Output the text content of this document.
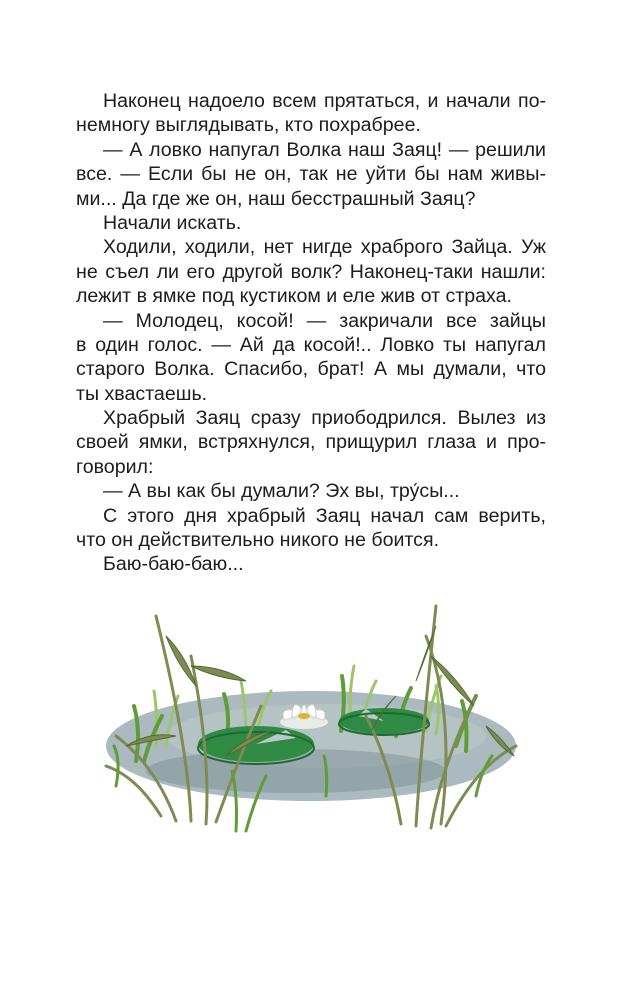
Наконец надоело всем прятаться, и начали по-
немногу выглядывать, кто похрабрее.
— А ловко напугал Волка наш Заяц! — решили
все. — Если бы не он, так не уйти бы нам живы-
ми... Да где же он, наш бесстрашный Заяц?
Начали искать.
Ходили, ходили, нет нигде храброго Зайца. Уж
не съел ли его другой волк? Наконец-таки нашли:
лежит в ямке под кустиком и еле жив от страха.
— Молодец, косой! — закричали все зайцы
в один голос. — Ай да косой!.. Ловко ты напугал
старого Волка. Спасибо, брат! А мы думали, что
ты хвастаешь.
Храбрый Заяц сразу приободрился. Вылез из
своей ямки, встряхнулся, прищурил глаза и про-
говорил:
— А вы как бы думали? Эх вы, тру́сы...
С этого дня храбрый Заяц начал сам верить,
что он действительно никого не боится.
Баю-баю-баю...
